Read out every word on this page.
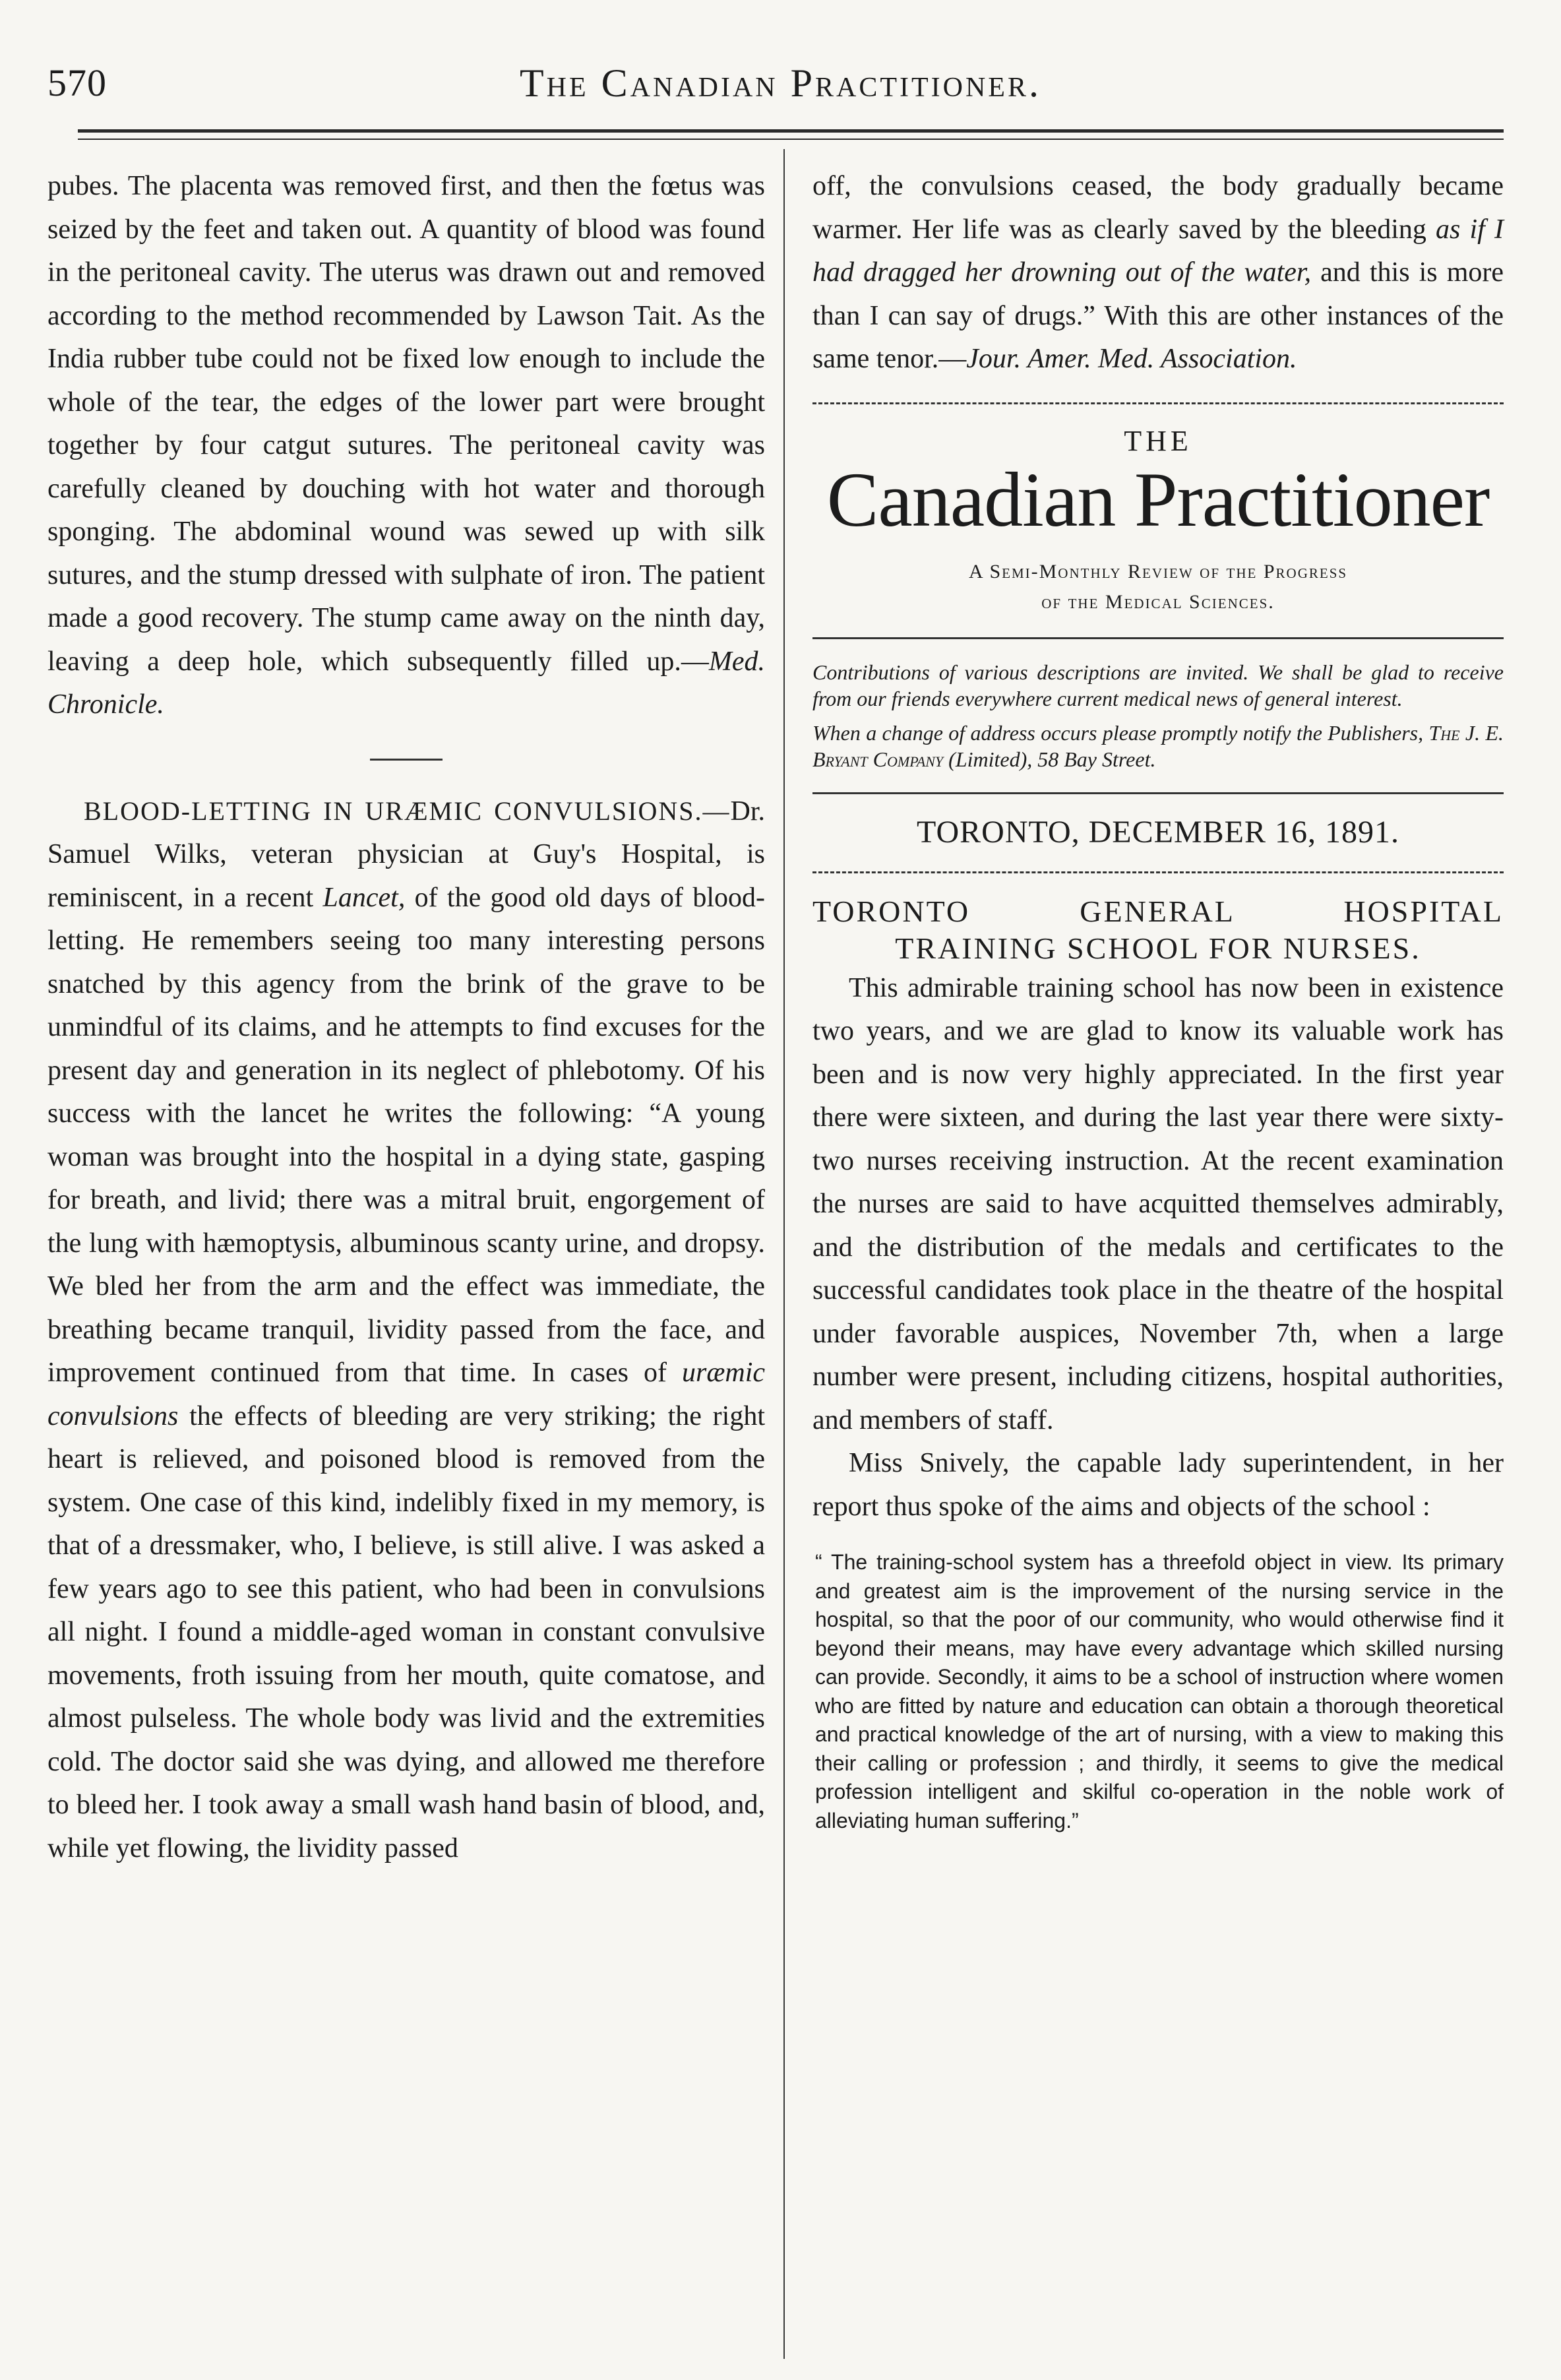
570	The Canadian Practitioner.

pubes. The placenta was removed first, and then the fœtus was seized by the feet and taken out. A quantity of blood was found in the peritoneal cavity. The uterus was drawn out and removed according to the method recommended by Lawson Tait. As the India rubber tube could not be fixed low enough to include the whole of the tear, the edges of the lower part were brought together by four catgut sutures. The peritoneal cavity was carefully cleaned by douching with hot water and thorough sponging. The abdominal wound was sewed up with silk sutures, and the stump dressed with sulphate of iron. The patient made a good recovery. The stump came away on the ninth day, leaving a deep hole, which subsequently filled up.—Med. Chronicle.

BLOOD-LETTING IN URÆMIC CONVULSIONS.—Dr. Samuel Wilks, veteran physician at Guy's Hospital, is reminiscent, in a recent Lancet, of the good old days of blood-letting. He remembers seeing too many interesting persons snatched by this agency from the brink of the grave to be unmindful of its claims, and he attempts to find excuses for the present day and generation in its neglect of phlebotomy. Of his success with the lancet he writes the following: “A young woman was brought into the hospital in a dying state, gasping for breath, and livid; there was a mitral bruit, engorgement of the lung with hæmoptysis, albuminous scanty urine, and dropsy. We bled her from the arm and the effect was immediate, the breathing became tranquil, lividity passed from the face, and improvement continued from that time. In cases of uræmic convulsions the effects of bleeding are very striking; the right heart is relieved, and poisoned blood is removed from the system. One case of this kind, indelibly fixed in my memory, is that of a dressmaker, who, I believe, is still alive. I was asked a few years ago to see this patient, who had been in convulsions all night. I found a middle-aged woman in constant convulsive movements, froth issuing from her mouth, quite comatose, and almost pulseless. The whole body was livid and the extremities cold. The doctor said she was dying, and allowed me therefore to bleed her. I took away a small wash hand basin of blood, and, while yet flowing, the lividity passed

off, the convulsions ceased, the body gradually became warmer. Her life was as clearly saved by the bleeding as if I had dragged her drowning out of the water, and this is more than I can say of drugs.” With this are other instances of the same tenor.—Jour. Amer. Med. Association.

THE
Canadian Practitioner
A Semi-Monthly Review of the Progress
of the Medical Sciences.

Contributions of various descriptions are invited. We shall be glad to receive from our friends everywhere current medical news of general interest.

When a change of address occurs please promptly notify the Publishers, The J. E. Bryant Company (Limited), 58 Bay Street.

TORONTO, DECEMBER 16, 1891.
TORONTO GENERAL HOSPITAL
TRAINING SCHOOL FOR NURSES.

This admirable training school has now been in existence two years, and we are glad to know its valuable work has been and is now very highly appreciated. In the first year there were sixteen, and during the last year there were sixty-two nurses receiving instruction. At the recent examination the nurses are said to have acquitted themselves admirably, and the distribution of the medals and certificates to the successful candidates took place in the theatre of the hospital under favorable auspices, November 7th, when a large number were present, including citizens, hospital authorities, and members of staff.

Miss Snively, the capable lady superintendent, in her report thus spoke of the aims and objects of the school :

“ The training-school system has a threefold object in view. Its primary and greatest aim is the improvement of the nursing service in the hospital, so that the poor of our community, who would otherwise find it beyond their means, may have every advantage which skilled nursing can provide. Secondly, it aims to be a school of instruction where women who are fitted by nature and education can obtain a thorough theoretical and practical knowledge of the art of nursing, with a view to making this their calling or profession ; and thirdly, it seems to give the medical profession intelligent and skilful co-operation in the noble work of alleviating human suffering.”
